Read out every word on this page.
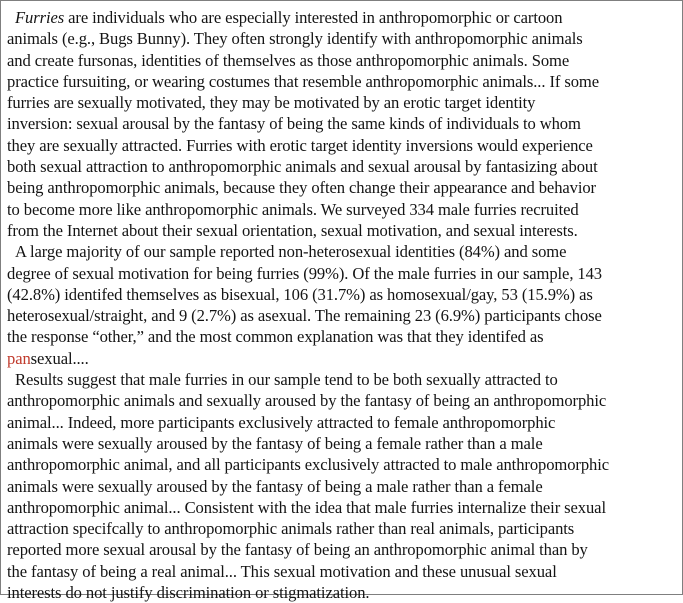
Furries are individuals who are especially interested in anthropomorphic or cartoon
animals (e.g., Bugs Bunny). They often strongly identify with anthropomorphic animals
and create fursonas, identities of themselves as those anthropomorphic animals. Some
practice fursuiting, or wearing costumes that resemble anthropomorphic animals... If some
furries are sexually motivated, they may be motivated by an erotic target identity
inversion: sexual arousal by the fantasy of being the same kinds of individuals to whom
they are sexually attracted. Furries with erotic target identity inversions would experience
both sexual attraction to anthropomorphic animals and sexual arousal by fantasizing about
being anthropomorphic animals, because they often change their appearance and behavior
to become more like anthropomorphic animals. We surveyed 334 male furries recruited
from the Internet about their sexual orientation, sexual motivation, and sexual interests.
A large majority of our sample reported non-heterosexual identities (84%) and some
degree of sexual motivation for being furries (99%). Of the male furries in our sample, 143
(42.8%) identifed themselves as bisexual, 106 (31.7%) as homosexual/gay, 53 (15.9%) as
heterosexual/straight, and 9 (2.7%) as asexual. The remaining 23 (6.9%) participants chose
the response “other,” and the most common explanation was that they identifed as
pansexual....
Results suggest that male furries in our sample tend to be both sexually attracted to
anthropomorphic animals and sexually aroused by the fantasy of being an anthropomorphic
animal... Indeed, more participants exclusively attracted to female anthropomorphic
animals were sexually aroused by the fantasy of being a female rather than a male
anthropomorphic animal, and all participants exclusively attracted to male anthropomorphic
animals were sexually aroused by the fantasy of being a male rather than a female
anthropomorphic animal... Consistent with the idea that male furries internalize their sexual
attraction specifcally to anthropomorphic animals rather than real animals, participants
reported more sexual arousal by the fantasy of being an anthropomorphic animal than by
the fantasy of being a real animal... This sexual motivation and these unusual sexual
interests do not justify discrimination or stigmatization.
